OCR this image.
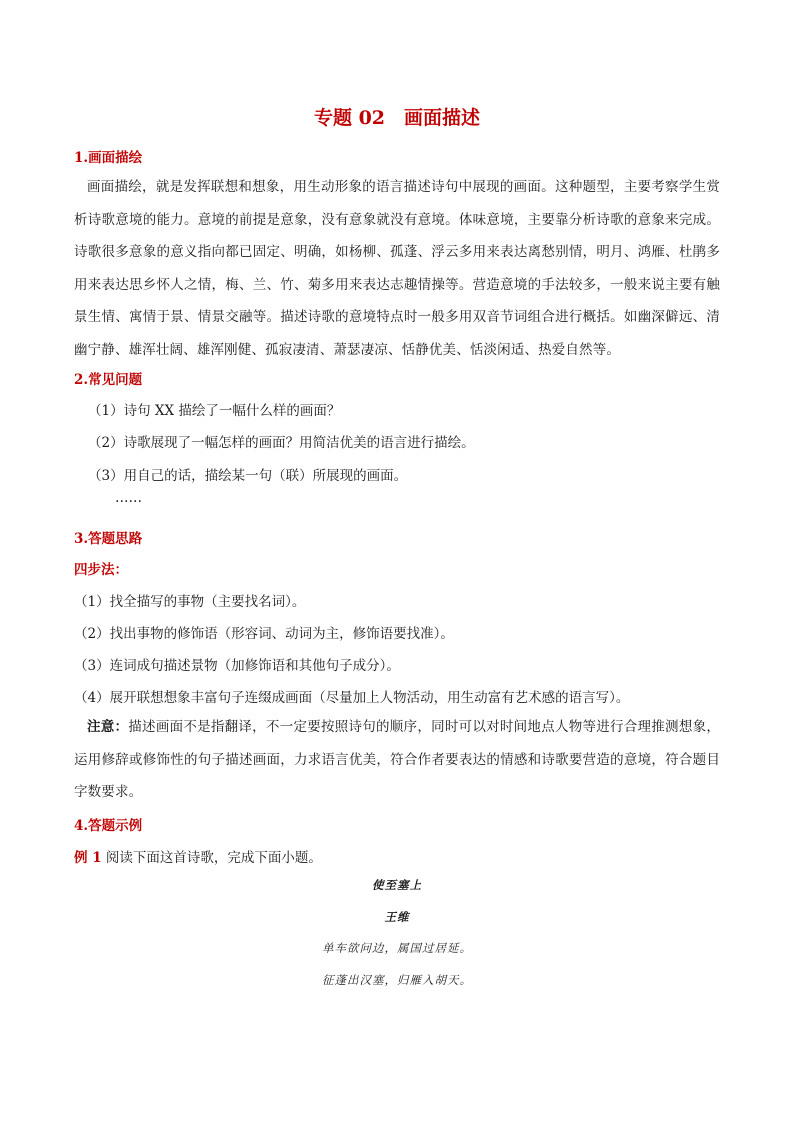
专题 02　画面描述
1.画面描绘
画面描绘，就是发挥联想和想象，用生动形象的语言描述诗句中展现的画面。这种题型，主要考察学生赏析诗歌意境的能力。意境的前提是意象，没有意象就没有意境。体味意境，主要靠分析诗歌的意象来完成。诗歌很多意象的意义指向都已固定、明确，如杨柳、孤蓬、浮云多用来表达离愁别情，明月、鸿雁、杜鹃多用来表达思乡怀人之情，梅、兰、竹、菊多用来表达志趣情操等。营造意境的手法较多，一般来说主要有触景生情、寓情于景、情景交融等。描述诗歌的意境特点时一般多用双音节词组合进行概括。如幽深僻远、清幽宁静、雄浑壮阔、雄浑刚健、孤寂凄清、萧瑟凄凉、恬静优美、恬淡闲适、热爱自然等。
2.常见问题
（1）诗句 XX 描绘了一幅什么样的画面？
（2）诗歌展现了一幅怎样的画面？用简洁优美的语言进行描绘。
（3）用自己的话，描绘某一句（联）所展现的画面。
……
3.答题思路
四步法：
（1）找全描写的事物（主要找名词）。
（2）找出事物的修饰语（形容词、动词为主，修饰语要找准）。
（3）连词成句描述景物（加修饰语和其他句子成分）。
（4）展开联想想象丰富句子连缀成画面（尽量加上人物活动，用生动富有艺术感的语言写）。
注意：描述画面不是指翻译，不一定要按照诗句的顺序，同时可以对时间地点人物等进行合理推测想象，运用修辞或修饰性的句子描述画面，力求语言优美，符合作者要表达的情感和诗歌要营造的意境，符合题目字数要求。
4.答题示例
例 1 阅读下面这首诗歌，完成下面小题。
使至塞上
王维
单车欲问边，属国过居延。
征蓬出汉塞，归雁入胡天。
